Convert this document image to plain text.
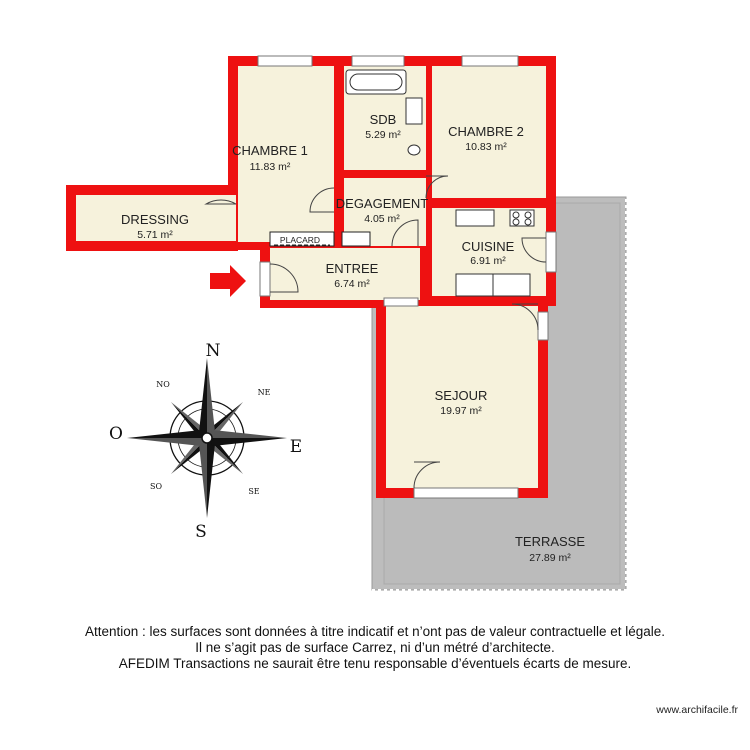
CHAMBRE 1
11.83 m²
SDB
5.29 m²	CHAMBRE 2
10.83 m²
DRESSING
5.71 m²
DEGAGEMENT
4.05 m²
ENTREE
6.74 m²
CUISINE
6.91 m²
SEJOUR
19.97 m²
TERRASSE
27.89 m²
PLACARD
N
S
E
O
NE
NO
SE
SO
Attention : les surfaces sont données à titre indicatif et n’ont pas de valeur contractuelle et légale.
Il ne s’agit pas de surface Carrez, ni d’un métré d’architecte.
AFEDIM Transactions ne saurait être tenu responsable d’éventuels écarts de mesure.
www.archifacile.fr
